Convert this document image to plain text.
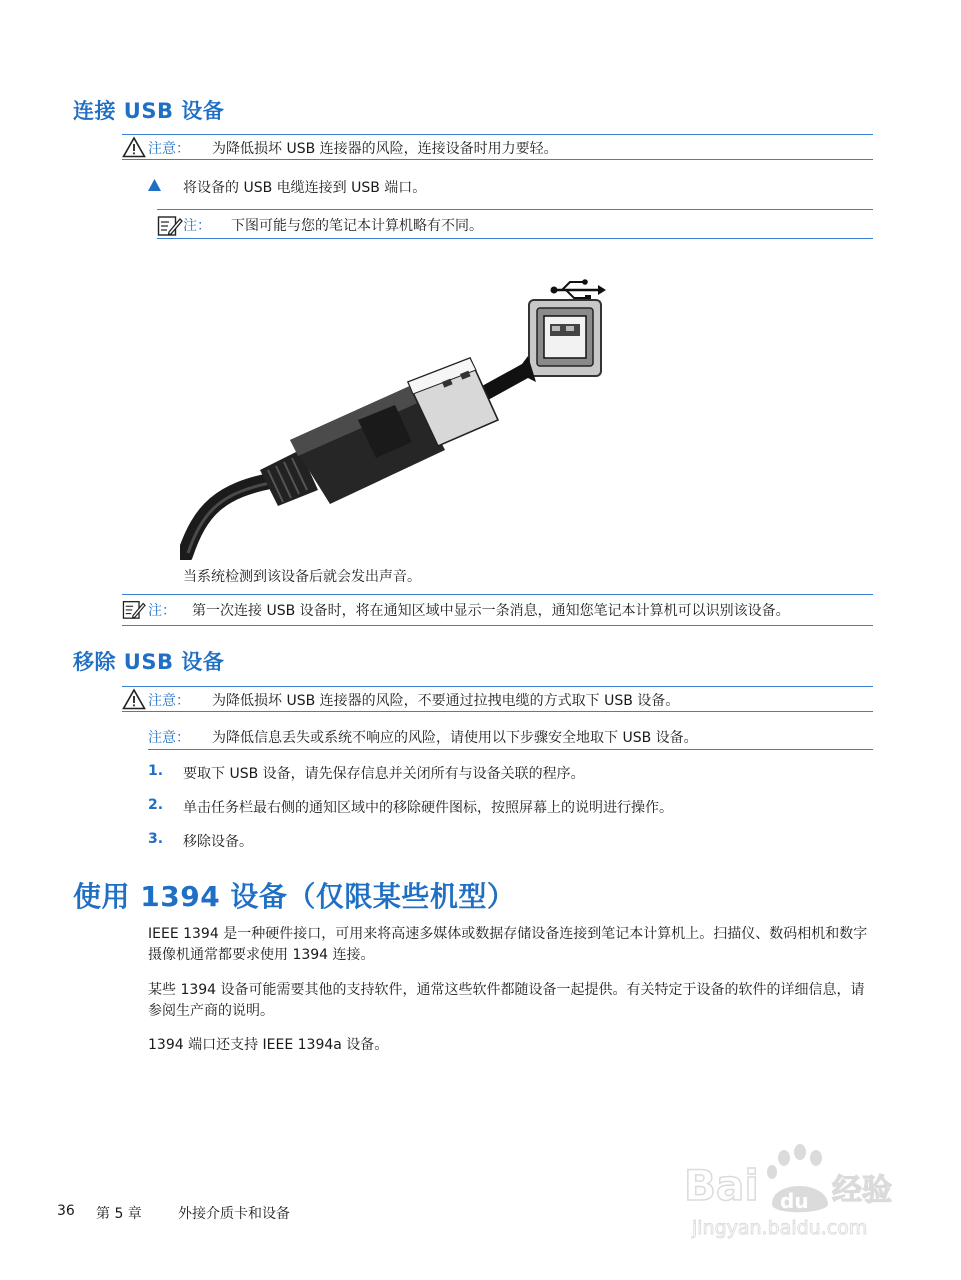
连接 USB 设备
注意： 为降低损坏 USB 连接器的风险，连接设备时用力要轻。
将设备的 USB 电缆连接到 USB 端口。
注： 下图可能与您的笔记本计算机略有不同。
当系统检测到该设备后就会发出声音。
注： 第一次连接 USB 设备时，将在通知区域中显示一条消息，通知您笔记本计算机可以识别该设备。
移除 USB 设备
注意： 为降低损坏 USB 连接器的风险，不要通过拉拽电缆的方式取下 USB 设备。
注意： 为降低信息丢失或系统不响应的风险，请使用以下步骤安全地取下 USB 设备。
1. 要取下 USB 设备，请先保存信息并关闭所有与设备关联的程序。
2. 单击任务栏最右侧的通知区域中的移除硬件图标，按照屏幕上的说明进行操作。
3. 移除设备。
使用 1394 设备（仅限某些机型）
IEEE 1394 是一种硬件接口，可用来将高速多媒体或数据存储设备连接到笔记本计算机上。扫描仪、数码相机和数字摄像机通常都要求使用 1394 连接。
某些 1394 设备可能需要其他的支持软件，通常这些软件都随设备一起提供。有关特定于设备的软件的详细信息，请参阅生产商的说明。
1394 端口还支持 IEEE 1394a 设备。
36 第 5 章	外接介质卡和设备
Bai du 经验
jingyan.baidu.com
